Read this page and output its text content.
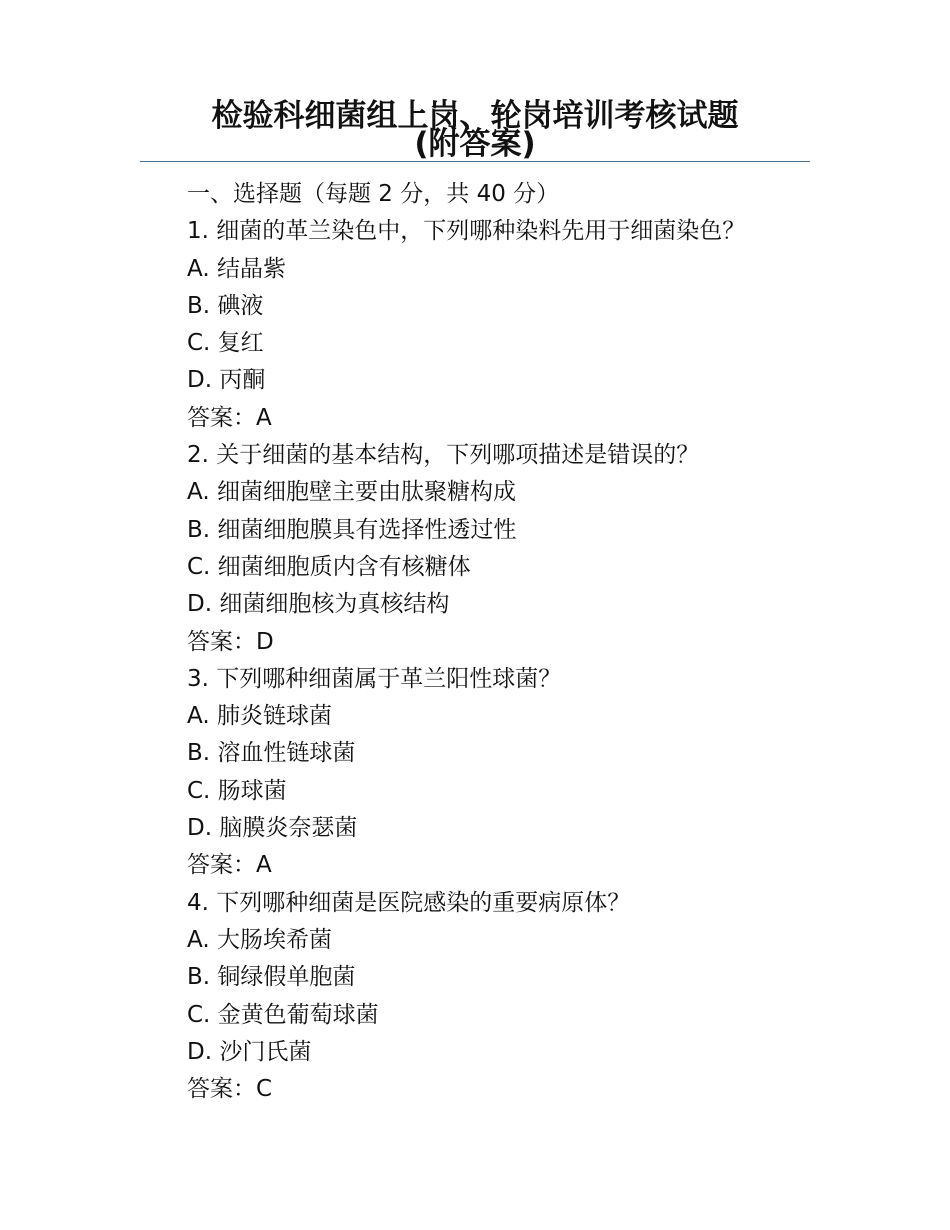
检验科细菌组上岗、轮岗培训考核试题
(附答案)
一、选择题（每题 2 分，共 40 分）
1. 细菌的革兰染色中，下列哪种染料先用于细菌染色？
A. 结晶紫
B. 碘液
C. 复红
D. 丙酮
答案：A
2. 关于细菌的基本结构，下列哪项描述是错误的？
A. 细菌细胞壁主要由肽聚糖构成
B. 细菌细胞膜具有选择性透过性
C. 细菌细胞质内含有核糖体
D. 细菌细胞核为真核结构
答案：D
3. 下列哪种细菌属于革兰阳性球菌？
A. 肺炎链球菌
B. 溶血性链球菌
C. 肠球菌
D. 脑膜炎奈瑟菌
答案：A
4. 下列哪种细菌是医院感染的重要病原体？
A. 大肠埃希菌
B. 铜绿假单胞菌
C. 金黄色葡萄球菌
D. 沙门氏菌
答案：C
